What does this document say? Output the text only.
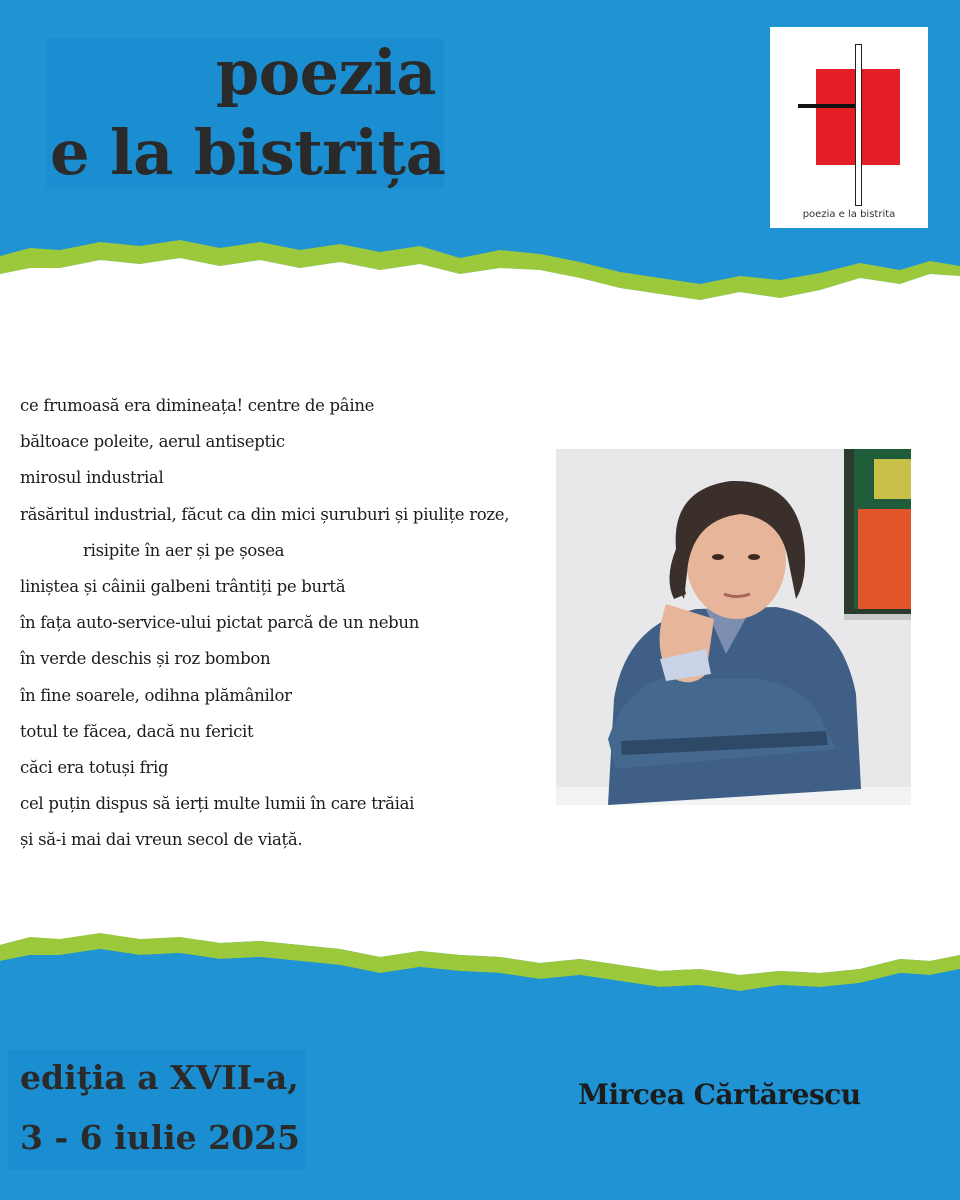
poezia
e la bistrița
poezia e la bistrita
ce frumoasă era dimineața! centre de pâine
băltoace poleite, aerul antiseptic
mirosul industrial
răsăritul industrial, făcut ca din mici șuruburi și piulițe roze,
risipite în aer și pe șosea
liniștea și câinii galbeni trântiți pe burtă
în fața auto-service-ului pictat parcă de un nebun
în verde deschis și roz bombon
în fine soarele, odihna plămânilor
totul te făcea, dacă nu fericit
căci era totuși frig
cel puțin dispus să ierți multe lumii în care trăiai
și să-i mai dai vreun secol de viață.
ediţia a XVII-a,
3 - 6 iulie 2025
Mircea Cărtărescu
